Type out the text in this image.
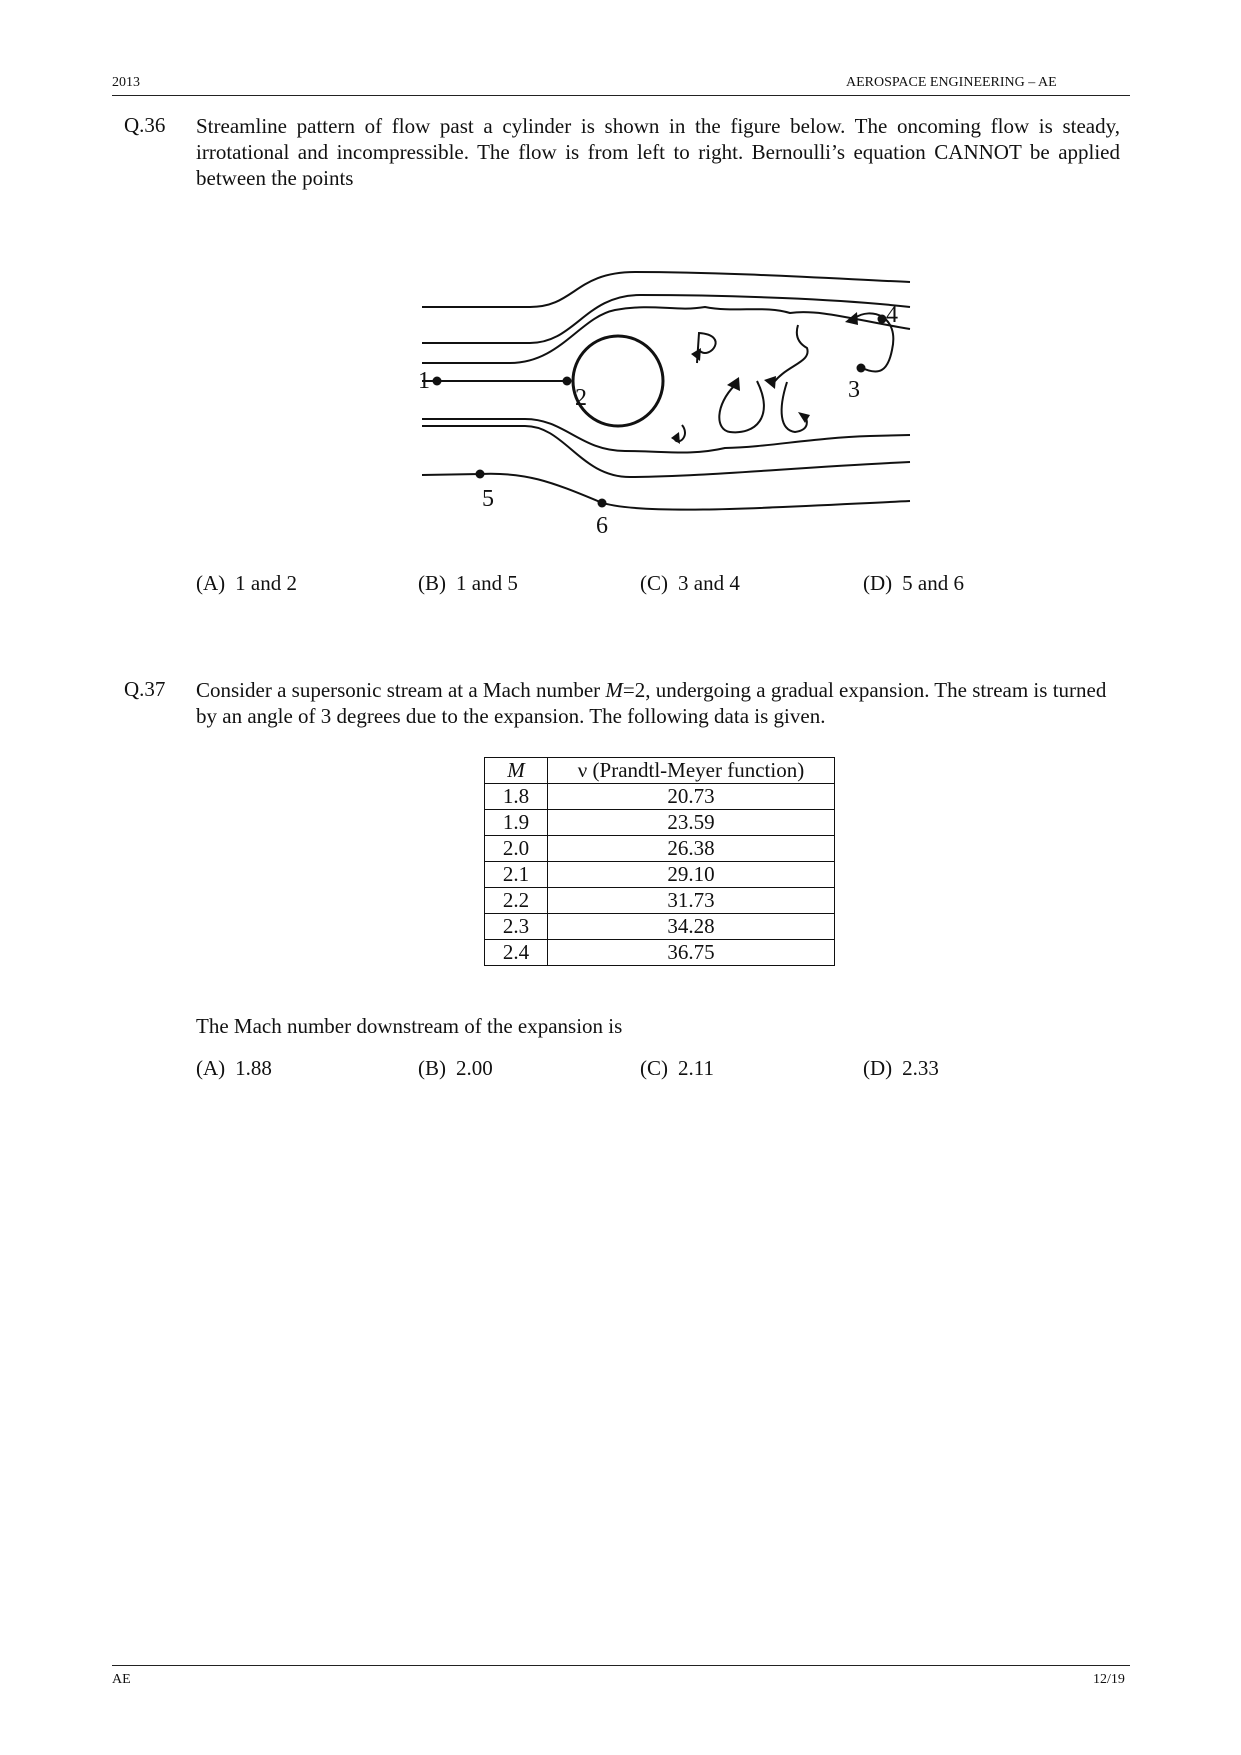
2013	AEROSPACE ENGINEERING – AE
Q.36 Streamline pattern of flow past a cylinder is shown in the figure below. The oncoming flow is steady, irrotational and incompressible. The flow is from left to right. Bernoulli’s equation CANNOT be applied between the points
1
2	3
4
5
6
(A) 1 and 2	(B) 1 and 5	(C) 3 and 4	(D) 5 and 6
Q.37 Consider a supersonic stream at a Mach number M=2, undergoing a gradual expansion. The stream is turned by an angle of 3 degrees due to the expansion. The following data is given.
M	ν (Prandtl-Meyer function)
1.8	20.73
1.9	23.59
2.0	26.38
2.1	29.10
2.2	31.73
2.3	34.28
2.4	36.75
The Mach number downstream of the expansion is
(A) 1.88	(B) 2.00	(C) 2.11	(D) 2.33
AE	12/19
